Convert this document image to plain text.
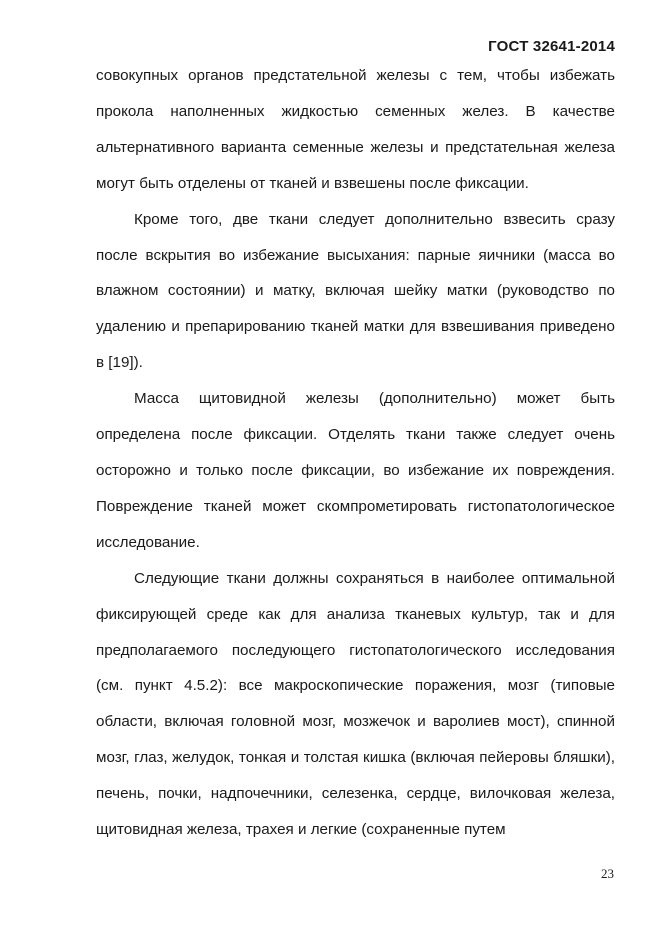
ГОСТ 32641-2014

совокупных органов предстательной железы с тем, чтобы избежать прокола наполненных жидкостью семенных желез. В качестве альтернативного варианта семенные железы и предстательная железа могут быть отделены от тканей и взвешены после фиксации.

Кроме того, две ткани следует дополнительно взвесить сразу после вскрытия во избежание высыхания: парные яичники (масса во влажном состоянии) и матку, включая шейку матки (руководство по удалению и препарированию тканей матки для взвешивания приведено в [19]).

Масса щитовидной железы (дополнительно) может быть определена после фиксации. Отделять ткани также следует очень осторожно и только после фиксации, во избежание их повреждения. Повреждение тканей может скомпрометировать гистопатологическое исследование.

Следующие ткани должны сохраняться в наиболее оптимальной фиксирующей среде как для анализа тканевых культур, так и для предполагаемого последующего гистопатологического исследования (см. пункт 4.5.2): все макроскопические поражения, мозг (типовые области, включая головной мозг, мозжечок и варолиев мост), спинной мозг, глаз, желудок, тонкая и толстая кишка (включая пейеровы бляшки), печень, почки, надпочечники, селезенка, сердце, вилочковая железа, щитовидная железа, трахея и легкие (сохраненные путем

23
